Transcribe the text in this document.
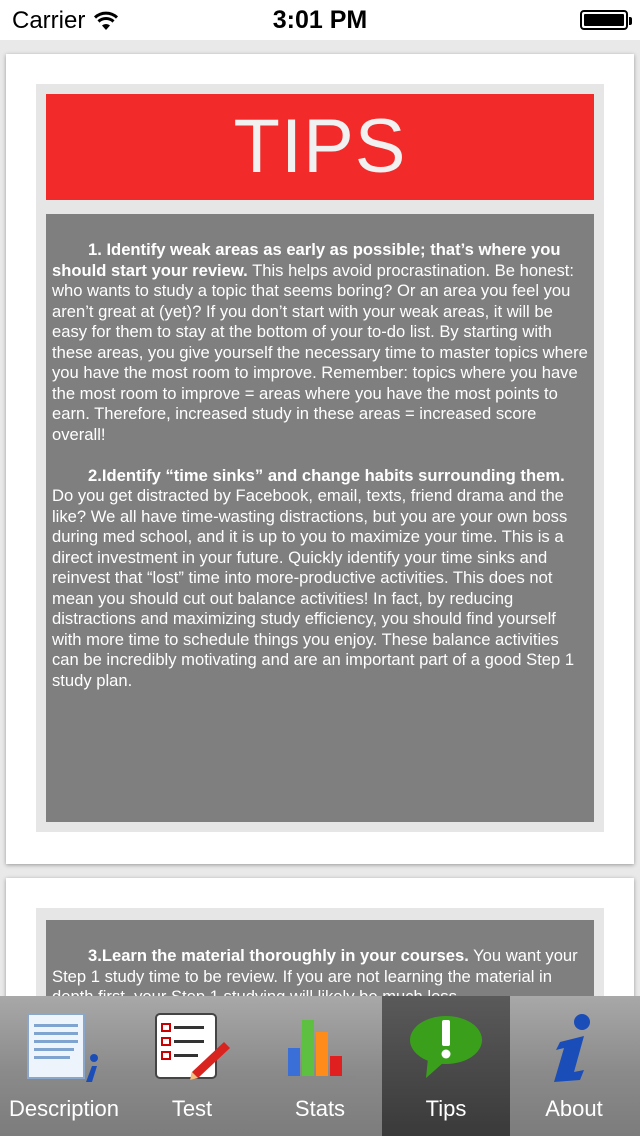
Carrier	3:01 PM
TIPS

1. Identify weak areas as early as possible; that’s where you should start your review. This helps avoid procrastination. Be honest: who wants to study a topic that seems boring? Or an area you feel you aren’t great at (yet)? If you don’t start with your weak areas, it will be easy for them to stay at the bottom of your to-do list. By starting with these areas, you give yourself the necessary time to master topics where you have the most room to improve. Remember: topics where you have the most room to improve = areas where you have the most points to earn. Therefore, increased study in these areas = increased score overall!

2.Identify “time sinks” and change habits surrounding them. Do you get distracted by Facebook, email, texts, friend drama and the like? We all have time-wasting distractions, but you are your own boss during med school, and it is up to you to maximize your time. This is a direct investment in your future. Quickly identify your time sinks and reinvest that “lost” time into more-productive activities. This does not mean you should cut out balance activities! In fact, by reducing distractions and maximizing study efficiency, you should find yourself with more time to schedule things you enjoy. These balance activities can be incredibly motivating and are an important part of a good Step 1 study plan.

3.Learn the material thoroughly in your courses. You want your Step 1 study time to be review. If you are not learning the material in

Description	Test	Stats	Tips	About
